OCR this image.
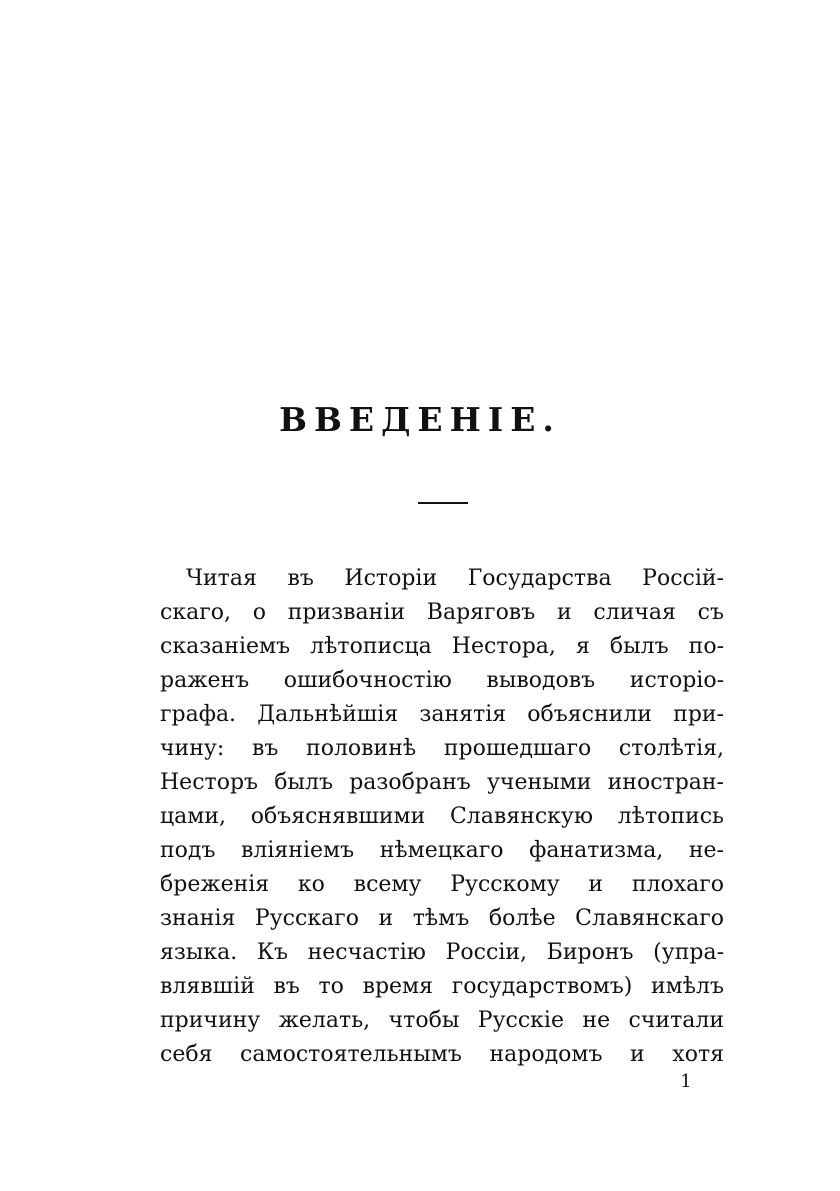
ВВЕДЕНІЕ.
Читая въ Исторіи Государства Россій-
скаго, о призваніи Варяговъ и сличая съ
сказаніемъ лѣтописца Нестора, я былъ по-
раженъ ошибочностію выводовъ исторіо-
графа. Дальнѣйшія занятія объяснили при-
чину: въ половинѣ прошедшаго столѣтія,
Несторъ былъ разобранъ учеными иностран-
цами, объяснявшими Славянскую лѣтопись
подъ вліяніемъ нѣмецкаго фанатизма, не-
бреженія ко всему Русскому и плохаго
знанія Русскаго и тѣмъ болѣе Славянскаго
языка. Къ несчастію Россіи, Биронъ (упра-
влявшій въ то время государствомъ) имѣлъ
причину желать, чтобы Русскіе не считали
себя самостоятельнымъ народомъ и хотя
1
